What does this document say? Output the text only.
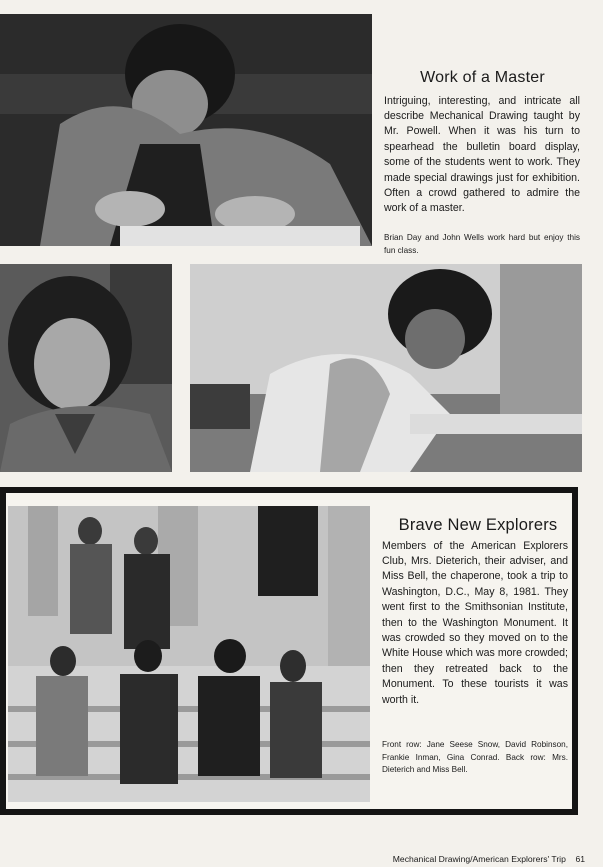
Work of a Master

Intriguing, interesting, and intricate all describe Mechanical Drawing taught by Mr. Powell. When it was his turn to spearhead the bulletin board display, some of the students went to work. They made special drawings just for exhibition. Often a crowd gathered to admire the work of a master.

Brian Day and John Wells work hard but enjoy this fun class.

Brave New Explorers

Members of the American Explorers Club, Mrs. Dieterich, their adviser, and Miss Bell, the chaperone, took a trip to Washington, D.C., May 8, 1981. They went first to the Smithsonian Institute, then to the Washington Monument. It was crowded so they moved on to the White House which was more crowded; then they retreated back to the Monument. To these tourists it was worth it.

Front row: Jane Seese Snow, David Robinson, Frankie Inman, Gina Conrad. Back row: Mrs. Dieterich and Miss Bell.

Mechanical Drawing/American Explorers' Trip 61
